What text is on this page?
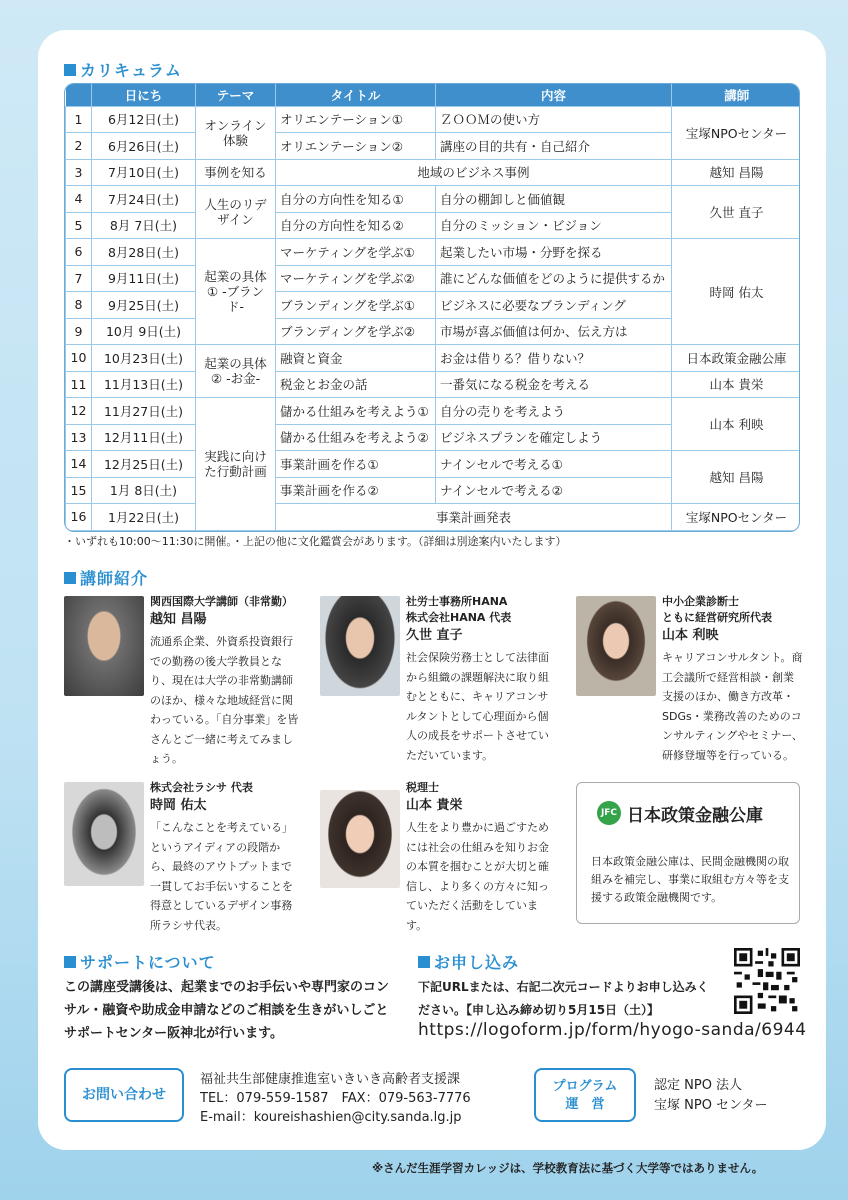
カリキュラム
	日にち	テーマ	タイトル	内容	講師
1	6月12日(土)	オンライン体験	オリエンテーション①	ＺＯＯＭの使い方	宝塚NPOセンター
2	6月26日(土)		オリエンテーション②	講座の目的共有・自己紹介	
3	7月10日(土)	事例を知る	地域のビジネス事例		越知 昌陽
4	7月24日(土)	人生のリデザイン	自分の方向性を知る①	自分の棚卸しと価値観	久世 直子
5	8月 7日(土)		自分の方向性を知る②	自分のミッション・ビジョン	
6	8月28日(土)	起業の具体① -ブランド-	マーケティングを学ぶ①	起業したい市場・分野を探る	時岡 佑太
7	9月11日(土)		マーケティングを学ぶ②	誰にどんな価値をどのように提供するか	
8	9月25日(土)		ブランディングを学ぶ①	ビジネスに必要なブランディング	
9	10月 9日(土)		ブランディングを学ぶ②	市場が喜ぶ価値は何か、伝え方は	
10	10月23日(土)	起業の具体② -お金-	融資と資金	お金は借りる？借りない？	日本政策金融公庫
11	11月13日(土)		税金とお金の話	一番気になる税金を考える	山本 貴栄
12	11月27日(土)	実践に向けた行動計画	儲かる仕組みを考えよう①	自分の売りを考えよう	山本 利映
13	12月11日(土)		儲かる仕組みを考えよう②	ビジネスプランを確定しよう	
14	12月25日(土)		事業計画を作る①	ナインセルで考える①	越知 昌陽
15	1月 8日(土)		事業計画を作る②	ナインセルで考える②	
16	1月22日(土)		事業計画発表		宝塚NPOセンター
・いずれも10:00～11:30に開催。・上記の他に文化鑑賞会があります。（詳細は別途案内いたします）
講師紹介
関西国際大学講師（非常勤）
越知 昌陽
流通系企業、外資系投資銀行での勤務の後大学教員となり、現在は大学の非常勤講師のほか、様々な地域経営に関わっている。「自分事業」を皆さんとご一緒に考えてみましょう。
社労士事務所HANA
株式会社HANA 代表
久世 直子
社会保険労務士として法律面から組織の課題解決に取り組むとともに、キャリアコンサルタントとして心理面から個人の成長をサポートさせていただいています。
中小企業診断士
ともに経営研究所代表
山本 利映
キャリアコンサルタント。商工会議所で経営相談・創業支援のほか、働き方改革・SDGs・業務改善のためのコンサルティングやセミナー、研修登壇等を行っている。
株式会社ラシサ 代表
時岡 佑太
「こんなことを考えている」というアイディアの段階から、最終のアウトプットまで一貫してお手伝いすることを得意としているデザイン事務所ラシサ代表。
税理士
山本 貴栄
人生をより豊かに過ごすためには社会の仕組みを知りお金の本質を掴むことが大切と確信し、より多くの方々に知っていただく活動をしています。
JFC 日本政策金融公庫
日本政策金融公庫は、民間金融機関の取組みを補完し、事業に取組む方々等を支援する政策金融機関です。
サポートについて
この講座受講後は、起業までのお手伝いや専門家のコンサル・融資や助成金申請などのご相談を生きがいしごとサポートセンター阪神北が行います。
お申し込み
下記URLまたは、右記二次元コードよりお申し込みください。【申し込み締め切り5月15日（土）】
https://logoform.jp/form/hyogo-sanda/6944
お問い合わせ
福祉共生部健康推進室いきいき高齢者支援課
TEL：079-559-1587　FAX：079-563-7776
E-mail：koureishashien@city.sanda.lg.jp
プログラム
運　営
認定 NPO 法人
宝塚 NPO センター
※さんだ生涯学習カレッジは、学校教育法に基づく大学等ではありません。
